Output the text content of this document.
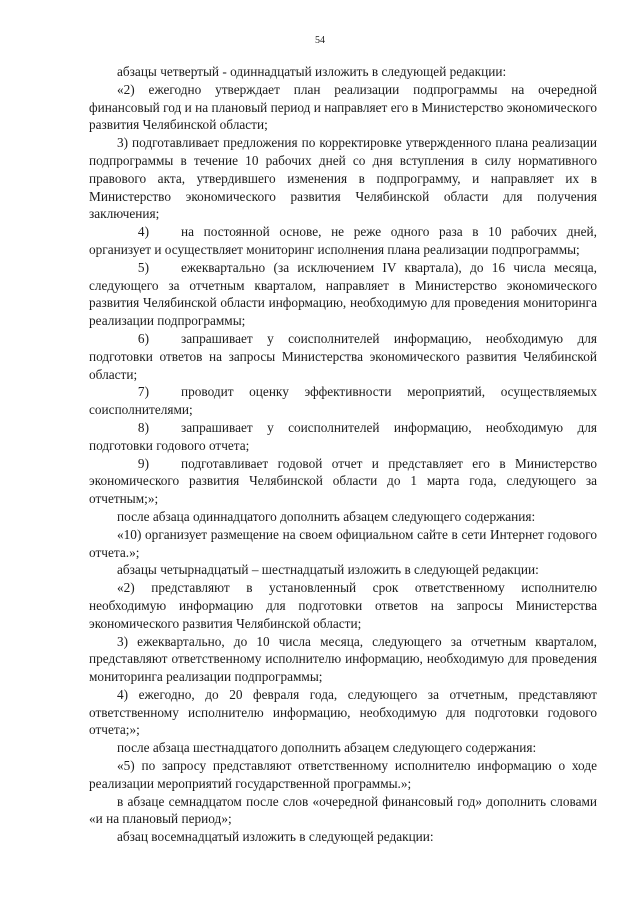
54

абзацы четвертый - одиннадцатый изложить в следующей редакции:

«2) ежегодно утверждает план реализации подпрограммы на очередной финансовый год и на плановый период и направляет его в Министерство экономического развития Челябинской области;

3) подготавливает предложения по корректировке утвержденного плана реализации подпрограммы в течение 10 рабочих дней со дня вступления в силу нормативного правового акта, утвердившего изменения в подпрограмму, и направляет их в Министерство экономического развития Челябинской области для получения заключения;

4) на постоянной основе, не реже одного раза в 10 рабочих дней, организует и осуществляет мониторинг исполнения плана реализации подпрограммы;

5) ежеквартально (за исключением IV квартала), до 16 числа месяца, следующего за отчетным кварталом, направляет в Министерство экономического развития Челябинской области информацию, необходимую для проведения мониторинга реализации подпрограммы;

6) запрашивает у соисполнителей информацию, необходимую для подготовки ответов на запросы Министерства экономического развития Челябинской области;

7) проводит оценку эффективности мероприятий, осуществляемых соисполнителями;

8) запрашивает у соисполнителей информацию, необходимую для подготовки годового отчета;

9) подготавливает годовой отчет и представляет его в Министерство экономического развития Челябинской области до 1 марта года, следующего за отчетным;»;

после абзаца одиннадцатого дополнить абзацем следующего содержания:

«10) организует размещение на своем официальном сайте в сети Интернет годового отчета.»;

абзацы четырнадцатый – шестнадцатый изложить в следующей редакции:

«2) представляют в установленный срок ответственному исполнителю необходимую информацию для подготовки ответов на запросы Министерства экономического развития Челябинской области;

3) ежеквартально, до 10 числа месяца, следующего за отчетным кварталом, представляют ответственному исполнителю информацию, необходимую для проведения мониторинга реализации подпрограммы;

4) ежегодно, до 20 февраля года, следующего за отчетным, представляют ответственному исполнителю информацию, необходимую для подготовки годового отчета;»;

после абзаца шестнадцатого дополнить абзацем следующего содержания:

«5) по запросу представляют ответственному исполнителю информацию о ходе реализации мероприятий государственной программы.»;

в абзаце семнадцатом после слов «очередной финансовый год» дополнить словами «и на плановый период»;

абзац восемнадцатый изложить в следующей редакции:
